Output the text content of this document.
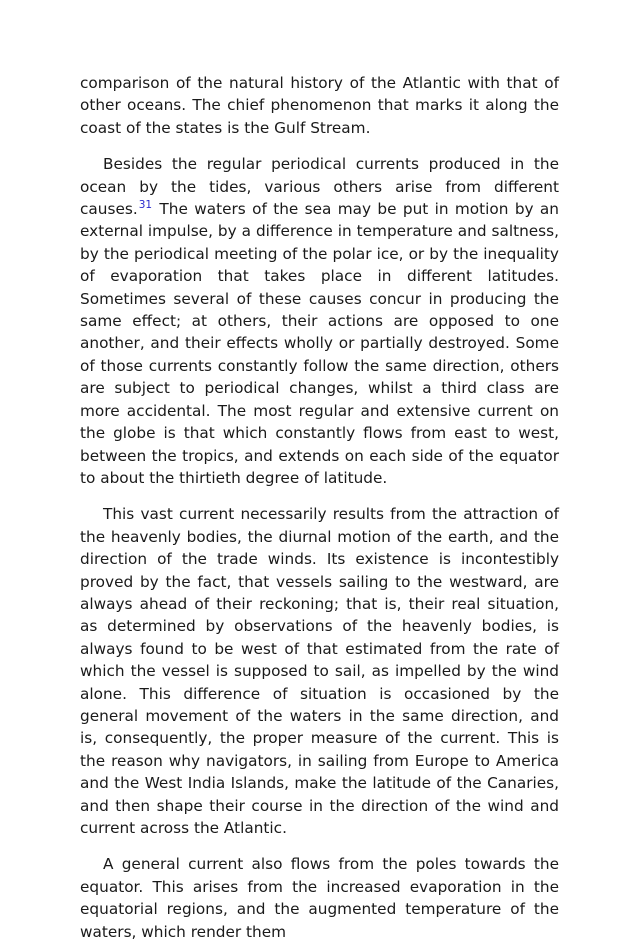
comparison of the natural history of the Atlantic with that of other oceans. The chief phenomenon that marks it along the coast of the states is the Gulf Stream.

Besides the regular periodical currents produced in the ocean by the tides, various others arise from different causes.$^{31}$ The waters of the sea may be put in motion by an external impulse, by a difference in temperature and saltness, by the periodical meeting of the polar ice, or by the inequality of evaporation that takes place in different latitudes. Sometimes several of these causes concur in producing the same effect; at others, their actions are opposed to one another, and their effects wholly or partially destroyed. Some of those currents constantly follow the same direction, others are subject to periodical changes, whilst a third class are more accidental. The most regular and extensive current on the globe is that which constantly flows from east to west, between the tropics, and extends on each side of the equator to about the thirtieth degree of latitude.

This vast current necessarily results from the attraction of the heavenly bodies, the diurnal motion of the earth, and the direction of the trade winds. Its existence is incontestibly proved by the fact, that vessels sailing to the westward, are always ahead of their reckoning; that is, their real situation, as determined by observations of the heavenly bodies, is always found to be west of that estimated from the rate of which the vessel is supposed to sail, as impelled by the wind alone. This difference of situation is occasioned by the general movement of the waters in the same direction, and is, consequently, the proper measure of the current. This is the reason why navigators, in sailing from Europe to America and the West India Islands, make the latitude of the Canaries, and then shape their course in the direction of the wind and current across the Atlantic.

A general current also flows from the poles towards the equator. This arises from the increased evaporation in the equatorial regions, and the augmented temperature of the waters, which render them
